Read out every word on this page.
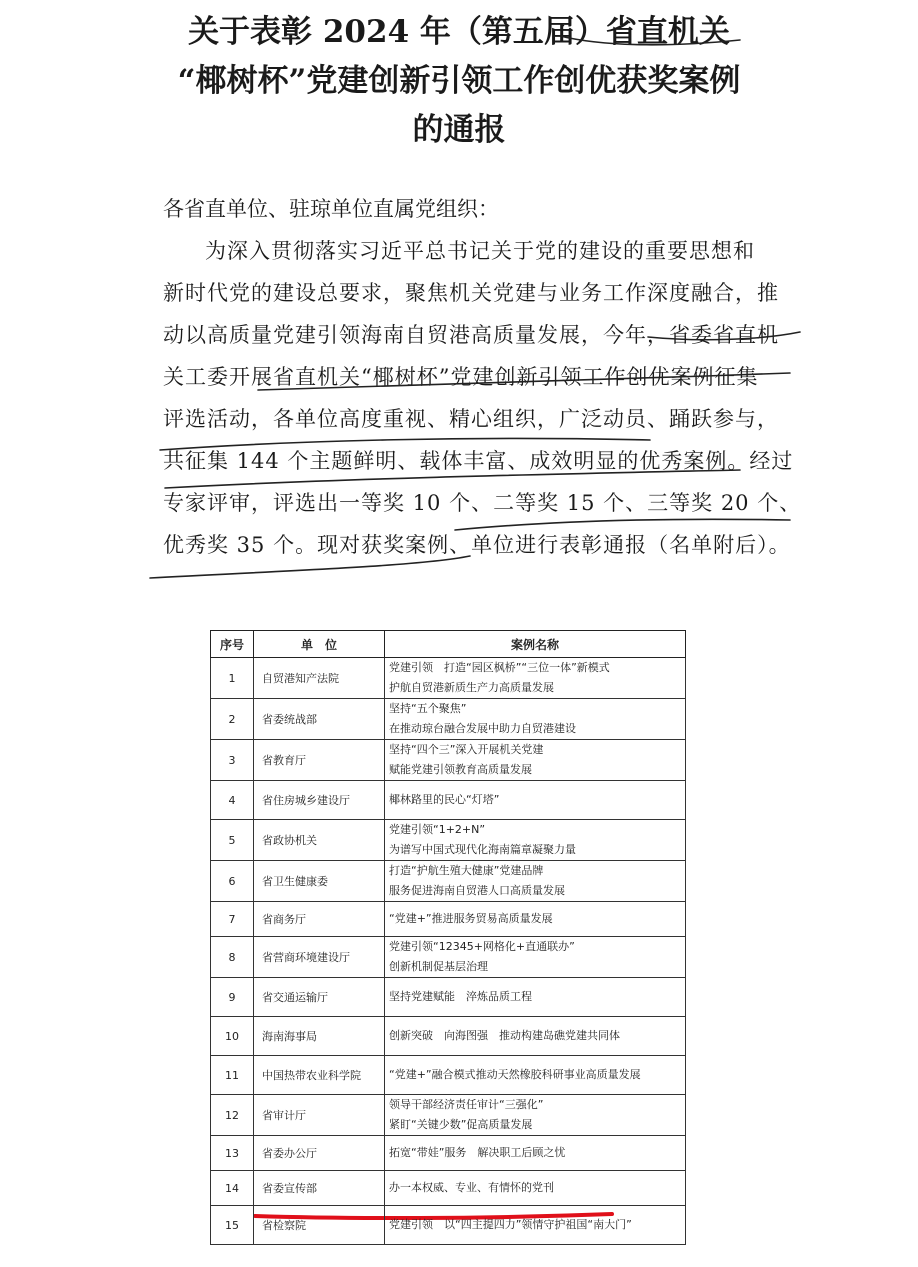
关于表彰 2024 年（第五届）省直机关
“椰树杯”党建创新引领工作创优获奖案例
的通报
各省直单位、驻琼单位直属党组织：
为深入贯彻落实习近平总书记关于党的建设的重要思想和
新时代党的建设总要求，聚焦机关党建与业务工作深度融合，推
动以高质量党建引领海南自贸港高质量发展，今年，省委省直机
关工委开展省直机关“椰树杯”党建创新引领工作创优案例征集
评选活动，各单位高度重视、精心组织，广泛动员、踊跃参与，
共征集 144 个主题鲜明、载体丰富、成效明显的优秀案例。经过
专家评审，评选出一等奖 10 个、二等奖 15 个、三等奖 20 个、
优秀奖 35 个。现对获奖案例、单位进行表彰通报（名单附后）。
序号	单　位	案例名称
1	自贸港知产法院	党建引领　打造“园区枫桥”“三位一体”新模式
护航自贸港新质生产力高质量发展

2	省委统战部	坚持“五个聚焦”
在推动琼台融合发展中助力自贸港建设

3	省教育厅	坚持“四个三”深入开展机关党建
赋能党建引领教育高质量发展

4	省住房城乡建设厅	椰林路里的民心“灯塔”

5	省政协机关	党建引领“1+2+N”
为谱写中国式现代化海南篇章凝聚力量

6	省卫生健康委	打造“护航生殖大健康”党建品牌
服务促进海南自贸港人口高质量发展

7	省商务厅	“党建+”推进服务贸易高质量发展

8	省营商环境建设厅	党建引领“12345+网格化+直通联办”
创新机制促基层治理

9	省交通运输厅	坚持党建赋能　淬炼品质工程

10	海南海事局	创新突破　向海图强　推动构建岛礁党建共同体

11	中国热带农业科学院	“党建+”融合模式推动天然橡胶科研事业高质量发展

12	省审计厅	领导干部经济责任审计“三强化”
紧盯“关键少数”促高质量发展

13	省委办公厅	拓宽“带娃”服务　解决职工后顾之忧

14	省委宣传部	办一本权威、专业、有情怀的党刊

15	省检察院	党建引领　以“四主提四力”领情守护祖国“南大门”
